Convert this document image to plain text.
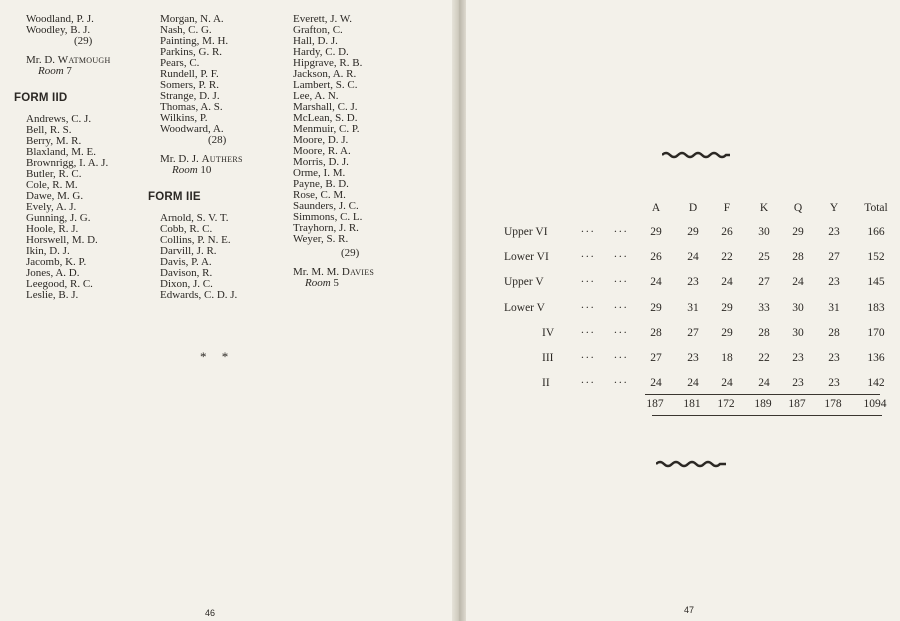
Woodland, P. J.
Woodley, B. J.
(29)
Mr. D. Watmough
Room 7
FORM IID
Andrews, C. J.
Bell, R. S.
Berry, M. R.
Blaxland, M. E.
Brownrigg, I. A. J.
Butler, R. C.
Cole, R. M.
Dawe, M. G.
Evely, A. J.
Gunning, J. G.
Hoole, R. J.
Horswell, M. D.
Ikin, D. J.
Jacomb, K. P.
Jones, A. D.
Leegood, R. C.
Leslie, B. J.
Morgan, N. A.
Nash, C. G.
Painting, M. H.
Parkins, G. R.
Pears, C.
Rundell, P. F.
Somers, P. R.
Strange, D. J.
Thomas, A. S.
Wilkins, P.
Woodward, A.
(28)
Mr. D. J. Authers
Room 10
FORM IIE
Arnold, S. V. T.
Cobb, R. C.
Collins, P. N. E.
Darvill, J. R.
Davis, P. A.
Davison, R.
Dixon, J. C.
Edwards, C. D. J.
Everett, J. W.
Grafton, C.
Hall, D. J.
Hardy, C. D.
Hipgrave, R. B.
Jackson, A. R.
Lambert, S. C.
Lee, A. N.
Marshall, C. J.
McLean, S. D.
Menmuir, C. P.
Moore, D. J.
Moore, R. A.
Morris, D. J.
Orme, I. M.
Payne, B. D.
Rose, C. M.
Saunders, J. C.
Simmons, C. L.
Trayhorn, J. R.
Weyer, S. R.
(29)
Mr. M. M. Davies
Room 5
* *
46
A	D	F	K	Q	Y	Total
Upper VI	... ...	29	29	26	30	29	23	166
Lower VI	... ...	26	24	22	25	28	27	152
Upper V	... ...	24	23	24	27	24	23	145
Lower V	... ...	29	31	29	33	30	31	183
IV ... ...	28	27	29	28	30	28	170
III ... ...	27	23	18	22	23	23	136
II	... ...	24	24	24	24	23	23	142
187	181	172	189	187	178	1094
47
